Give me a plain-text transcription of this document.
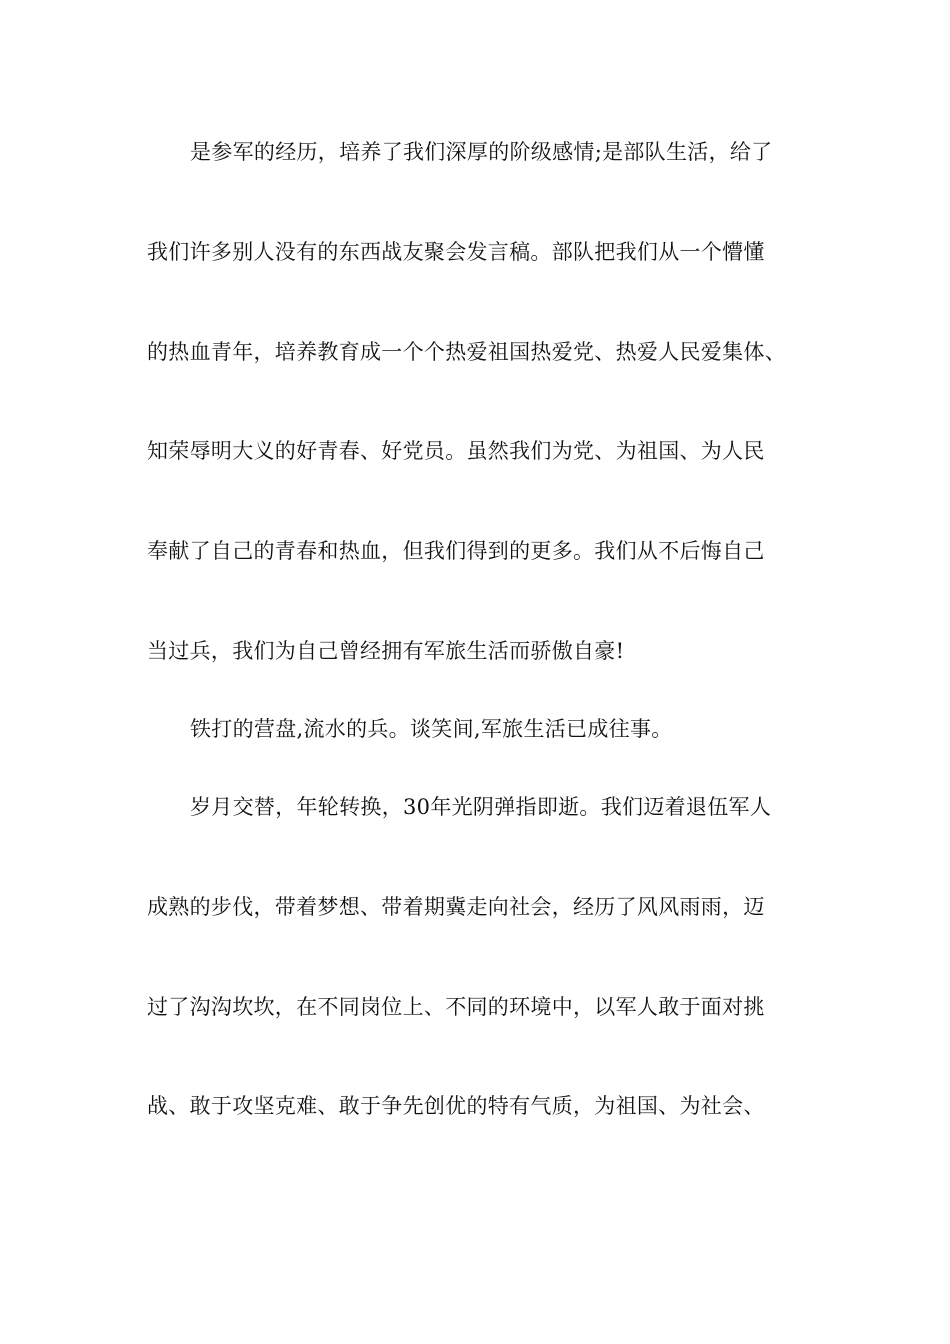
是参军的经历，培养了我们深厚的阶级感情;是部队生活，给了
我们许多别人没有的东西战友聚会发言稿。部队把我们从一个懵懂
的热血青年，培养教育成一个个热爱祖国热爱党、热爱人民爱集体、
知荣辱明大义的好青春、好党员。虽然我们为党、为祖国、为人民
奉献了自己的青春和热血，但我们得到的更多。我们从不后悔自己
当过兵，我们为自己曾经拥有军旅生活而骄傲自豪!
铁打的营盘,流水的兵。谈笑间,军旅生活已成往事。
岁月交替，年轮转换，30年光阴弹指即逝。我们迈着退伍军人
成熟的步伐，带着梦想、带着期冀走向社会，经历了风风雨雨，迈
过了沟沟坎坎，在不同岗位上、不同的环境中，以军人敢于面对挑
战、敢于攻坚克难、敢于争先创优的特有气质，为祖国、为社会、
